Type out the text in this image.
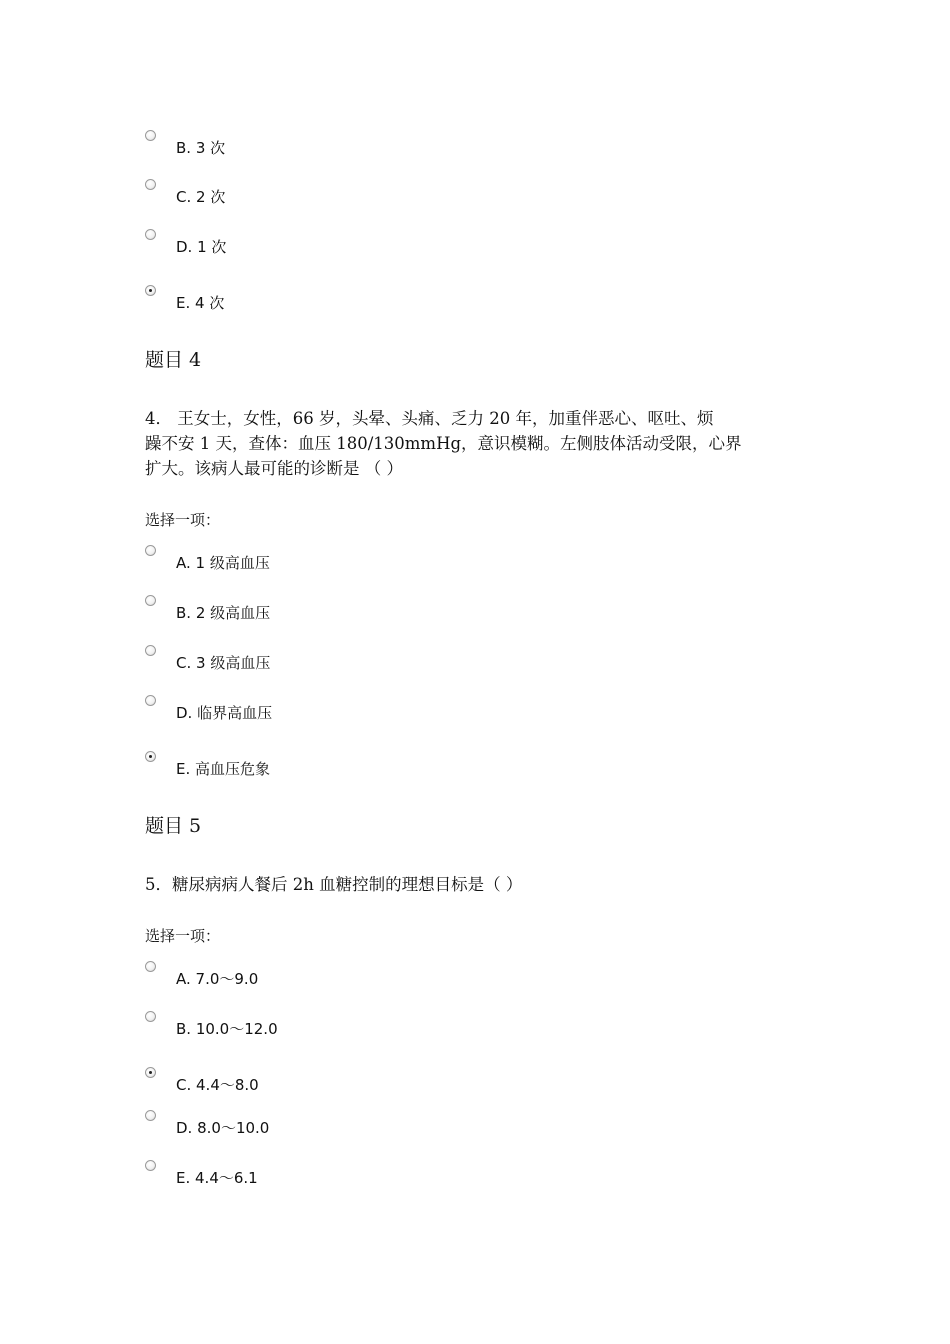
B. 3 次
C. 2 次
D. 1 次
E. 4 次
题目 4
4． 王女士，女性，66 岁，头晕、头痛、乏力 20 年，加重伴恶心、呕吐、烦
躁不安 1 天，查体：血压 180/130mmHg，意识模糊。左侧肢体活动受限，心界
扩大。该病人最可能的诊断是 （ ）
选择一项：
A. 1 级高血压
B. 2 级高血压
C. 3 级高血压
D. 临界高血压
E. 高血压危象
题目 5
5．糖尿病病人餐后 2h 血糖控制的理想目标是（ ）
选择一项：
A. 7.0～9.0
B. 10.0～12.0
C. 4.4～8.0
D. 8.0～10.0
E. 4.4～6.1
